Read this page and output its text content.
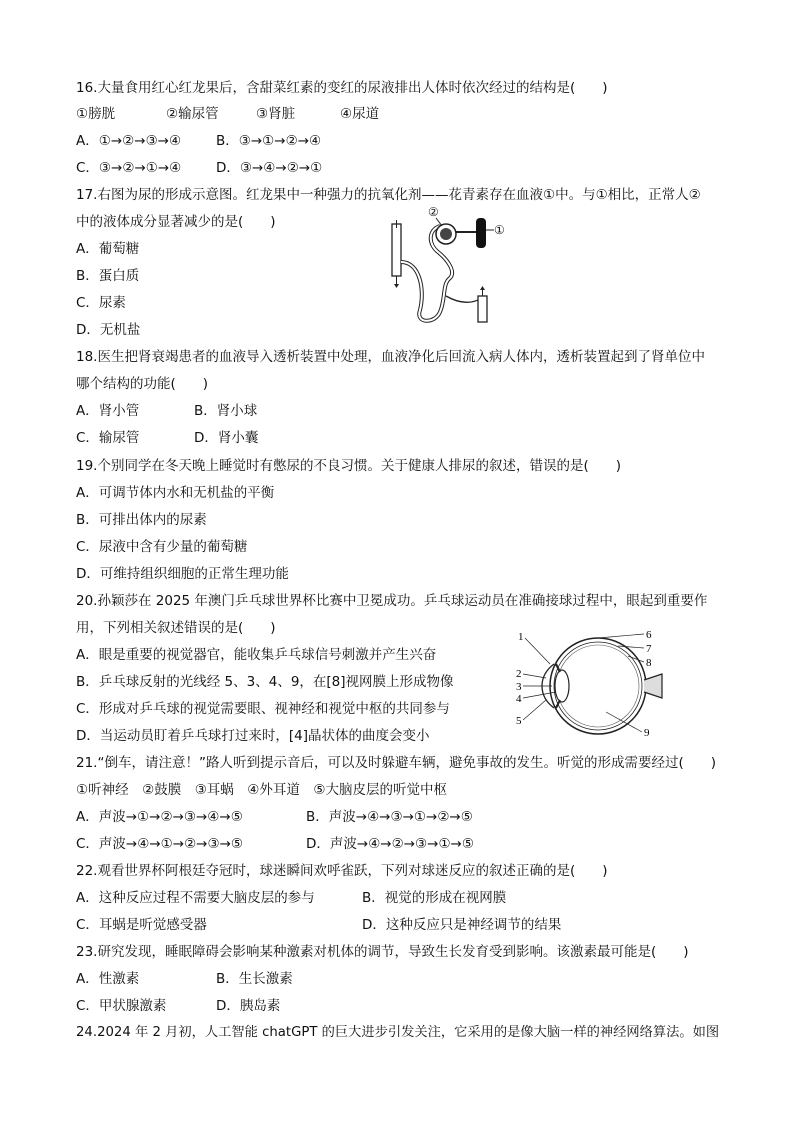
16.大量食用红心红龙果后，含甜菜红素的变红的尿液排出人体时依次经过的结构是(　　)
①膀胱	②输尿管	③肾脏	④尿道
A．①→②→③→④	B．③→①→②→④
C．③→②→①→④	D．③→④→②→①
17.右图为尿的形成示意图。红龙果中一种强力的抗氧化剂——花青素存在血液①中。与①相比，正常人②
中的液体成分显著减少的是(　　)
A．葡萄糖
B．蛋白质
C．尿素
D．无机盐
①
②
18.医生把肾衰竭患者的血液导入透析装置中处理，血液净化后回流入病人体内，透析装置起到了肾单位中
哪个结构的功能(　　)
A．肾小管	B．肾小球
C．输尿管	D．肾小囊
19.个别同学在冬天晚上睡觉时有憋尿的不良习惯。关于健康人排尿的叙述，错误的是(　　)
A．可调节体内水和无机盐的平衡
B．可排出体内的尿素
C．尿液中含有少量的葡萄糖
D．可维持组织细胞的正常生理功能
20.孙颖莎在 2025 年澳门乒乓球世界杯比赛中卫冕成功。乒乓球运动员在准确接球过程中，眼起到重要作
用，下列相关叙述错误的是(　　)
A．眼是重要的视觉器官，能收集乒乓球信号刺激并产生兴奋
B．乒乓球反射的光线经 5、3、4、9，在[8]视网膜上形成物像
C．形成对乒乓球的视觉需要眼、视神经和视觉中枢的共同参与
D．当运动员盯着乒乓球打过来时，[4]晶状体的曲度会变小
1
2
3
4
5
6
7
8
9
21.“倒车，请注意！”路人听到提示音后，可以及时躲避车辆，避免事故的发生。听觉的形成需要经过(　　)
①听神经　②鼓膜　③耳蜗　④外耳道　⑤大脑皮层的听觉中枢
A．声波→①→②→③→④→⑤	B．声波→④→③→①→②→⑤
C．声波→④→①→②→③→⑤	D．声波→④→②→③→①→⑤
22.观看世界杯阿根廷夺冠时，球迷瞬间欢呼雀跃，下列对球迷反应的叙述正确的是(　　)
A．这种反应过程不需要大脑皮层的参与	B．视觉的形成在视网膜
C．耳蜗是听觉感受器	D．这种反应只是神经调节的结果
23.研究发现，睡眠障碍会影响某种激素对机体的调节，导致生长发育受到影响。该激素最可能是(　　)
A．性激素	B．生长激素
C．甲状腺激素	D．胰岛素
24.2024 年 2 月初，人工智能 chatGPT 的巨大进步引发关注，它采用的是像大脑一样的神经网络算法。如图
